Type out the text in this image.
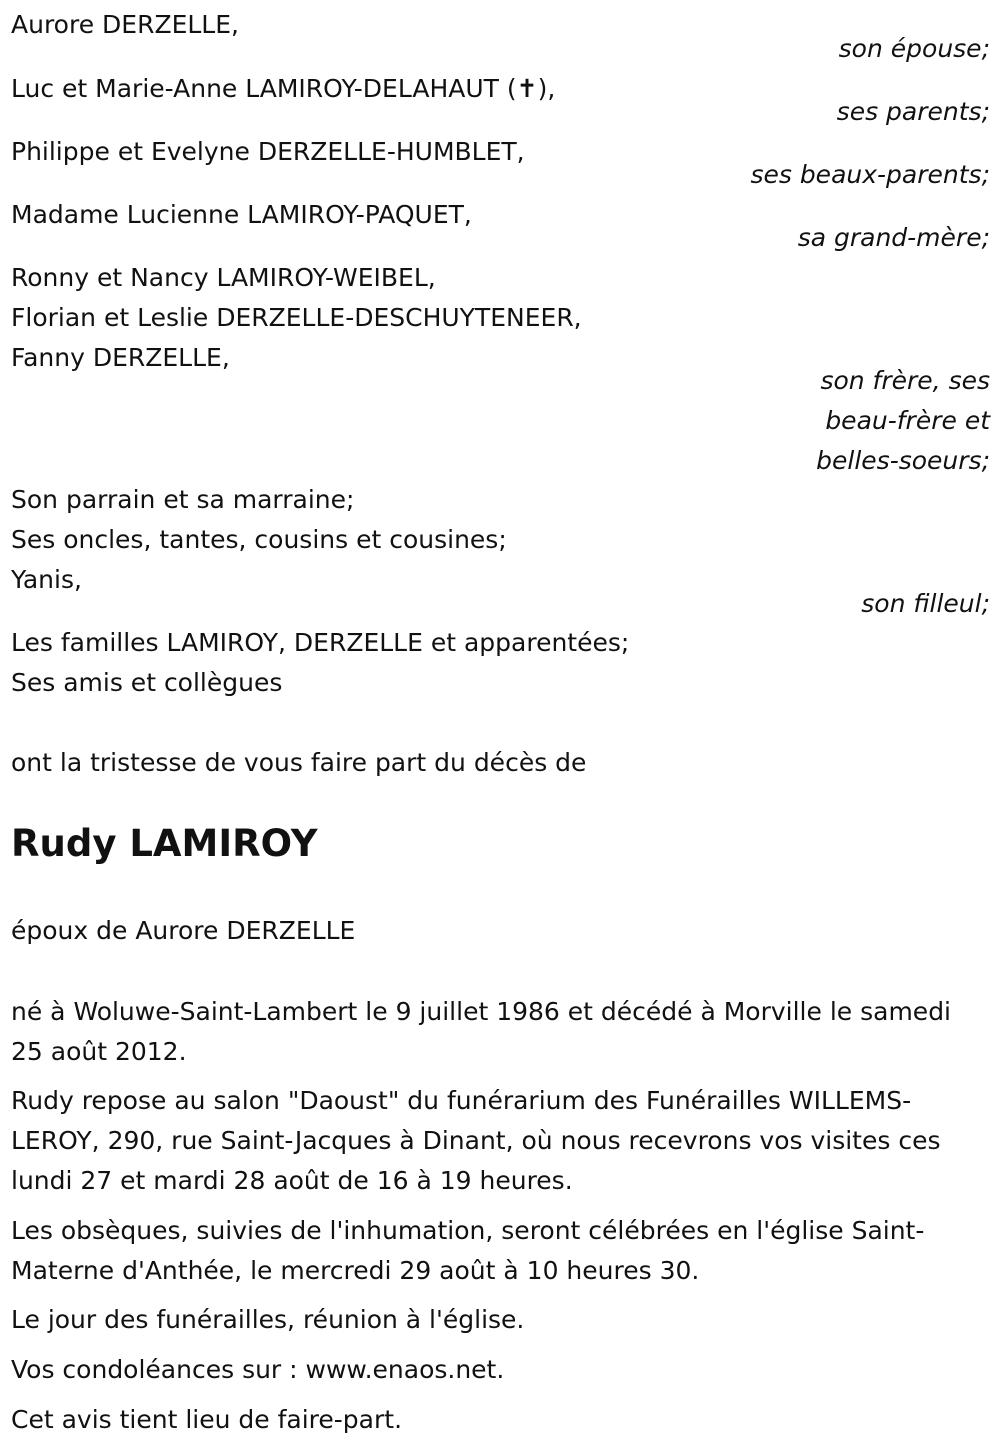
Aurore DERZELLE,
son épouse;
Luc et Marie-Anne LAMIROY-DELAHAUT (✝),
ses parents;
Philippe et Evelyne DERZELLE-HUMBLET,
ses beaux-parents;
Madame Lucienne LAMIROY-PAQUET,
sa grand-mère;
Ronny et Nancy LAMIROY-WEIBEL,
Florian et Leslie DERZELLE-DESCHUYTENEER,
Fanny DERZELLE,
son frère, ses
beau-frère et
belles-soeurs;
Son parrain et sa marraine;
Ses oncles, tantes, cousins et cousines;
Yanis,
son filleul;
Les familles LAMIROY, DERZELLE et apparentées;
Ses amis et collègues
ont la tristesse de vous faire part du décès de
Rudy LAMIROY
époux de Aurore DERZELLE
né à Woluwe-Saint-Lambert le 9 juillet 1986 et décédé à Morville le samedi 25 août 2012.
Rudy repose au salon "Daoust" du funérarium des Funérailles WILLEMS-LEROY, 290, rue Saint-Jacques à Dinant, où nous recevrons vos visites ces lundi 27 et mardi 28 août de 16 à 19 heures.
Les obsèques, suivies de l'inhumation, seront célébrées en l'église Saint-Materne d'Anthée, le mercredi 29 août à 10 heures 30.
Le jour des funérailles, réunion à l'église.
Vos condoléances sur : www.enaos.net.
Cet avis tient lieu de faire-part.
